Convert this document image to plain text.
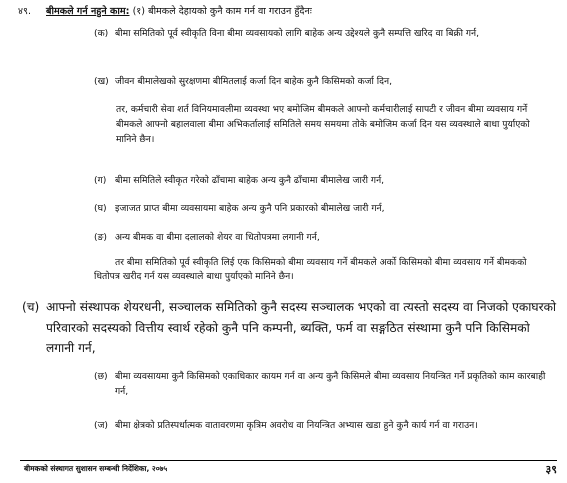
४९. बीमकले गर्न नहुने काम: (१) बीमकले देहायको कुनै काम गर्न वा गराउन हुँदैनः
(क) बीमा समितिको पूर्व स्वीकृति विना बीमा व्यवसायको लागि बाहेक अन्य उद्देश्यले कुनै सम्पत्ति खरिद वा बिक्री गर्न,
(ख) जीवन बीमालेखको सुरक्षणमा बीमितलाई कर्जा दिन बाहेक कुनै किसिमको कर्जा दिन,
तर, कर्मचारी सेवा शर्त विनियमावलीमा व्यवस्था भए बमोजिम बीमकले आफ्नो कर्मचारीलाई सापटी र जीवन बीमा व्यवसाय गर्ने बीमकले आफ्नो बहालवाला बीमा अभिकर्तालाई समितिले समय समयमा तोके बमोजिम कर्जा दिन यस व्यवस्थाले बाधा पुर्याएको मानिने छैन।
(ग) बीमा समितिले स्वीकृत गरेको ढाँचामा बाहेक अन्य कुनै ढाँचामा बीमालेख जारी गर्न,
(घ) इजाजत प्राप्त बीमा व्यवसायमा बाहेक अन्य कुनै पनि प्रकारको बीमालेख जारी गर्न,
(ङ) अन्य बीमक वा बीमा दलालको शेयर वा धितोपत्रमा लगानी गर्न,
तर बीमा समितिको पूर्व स्वीकृति लिई एक किसिमको बीमा व्यवसाय गर्ने बीमकले अर्को किसिमको बीमा व्यवसाय गर्ने बीमकको धितोपत्र खरीद गर्न यस व्यवस्थाले बाधा पुर्याएको मानिने छैन।
(च) आफ्नो संस्थापक शेयरधनी, सञ्चालक समितिको कुनै सदस्य सञ्चालक भएको वा त्यस्तो सदस्य वा निजको एकाघरको परिवारको सदस्यको वित्तीय स्वार्थ रहेको कुनै पनि कम्पनी, ब्यक्ति, फर्म वा सङ्गठित संस्थामा कुनै पनि किसिमको लगानी गर्न,
(छ) बीमा व्यवसायमा कुनै किसिमको एकाधिकार कायम गर्न वा अन्य कुनै किसिमले बीमा व्यवसाय नियन्त्रित गर्ने प्रकृतिको काम कारबाही गर्न,
(ज) बीमा क्षेत्रको प्रतिस्पर्धात्मक वातावरणमा कृत्रिम अवरोध वा नियन्त्रित अभ्यास खडा हुने कुनै कार्य गर्न वा गराउन।
बीमकको संस्थागत सुशासन सम्बन्धी निर्देशिका, २०७५	३९
